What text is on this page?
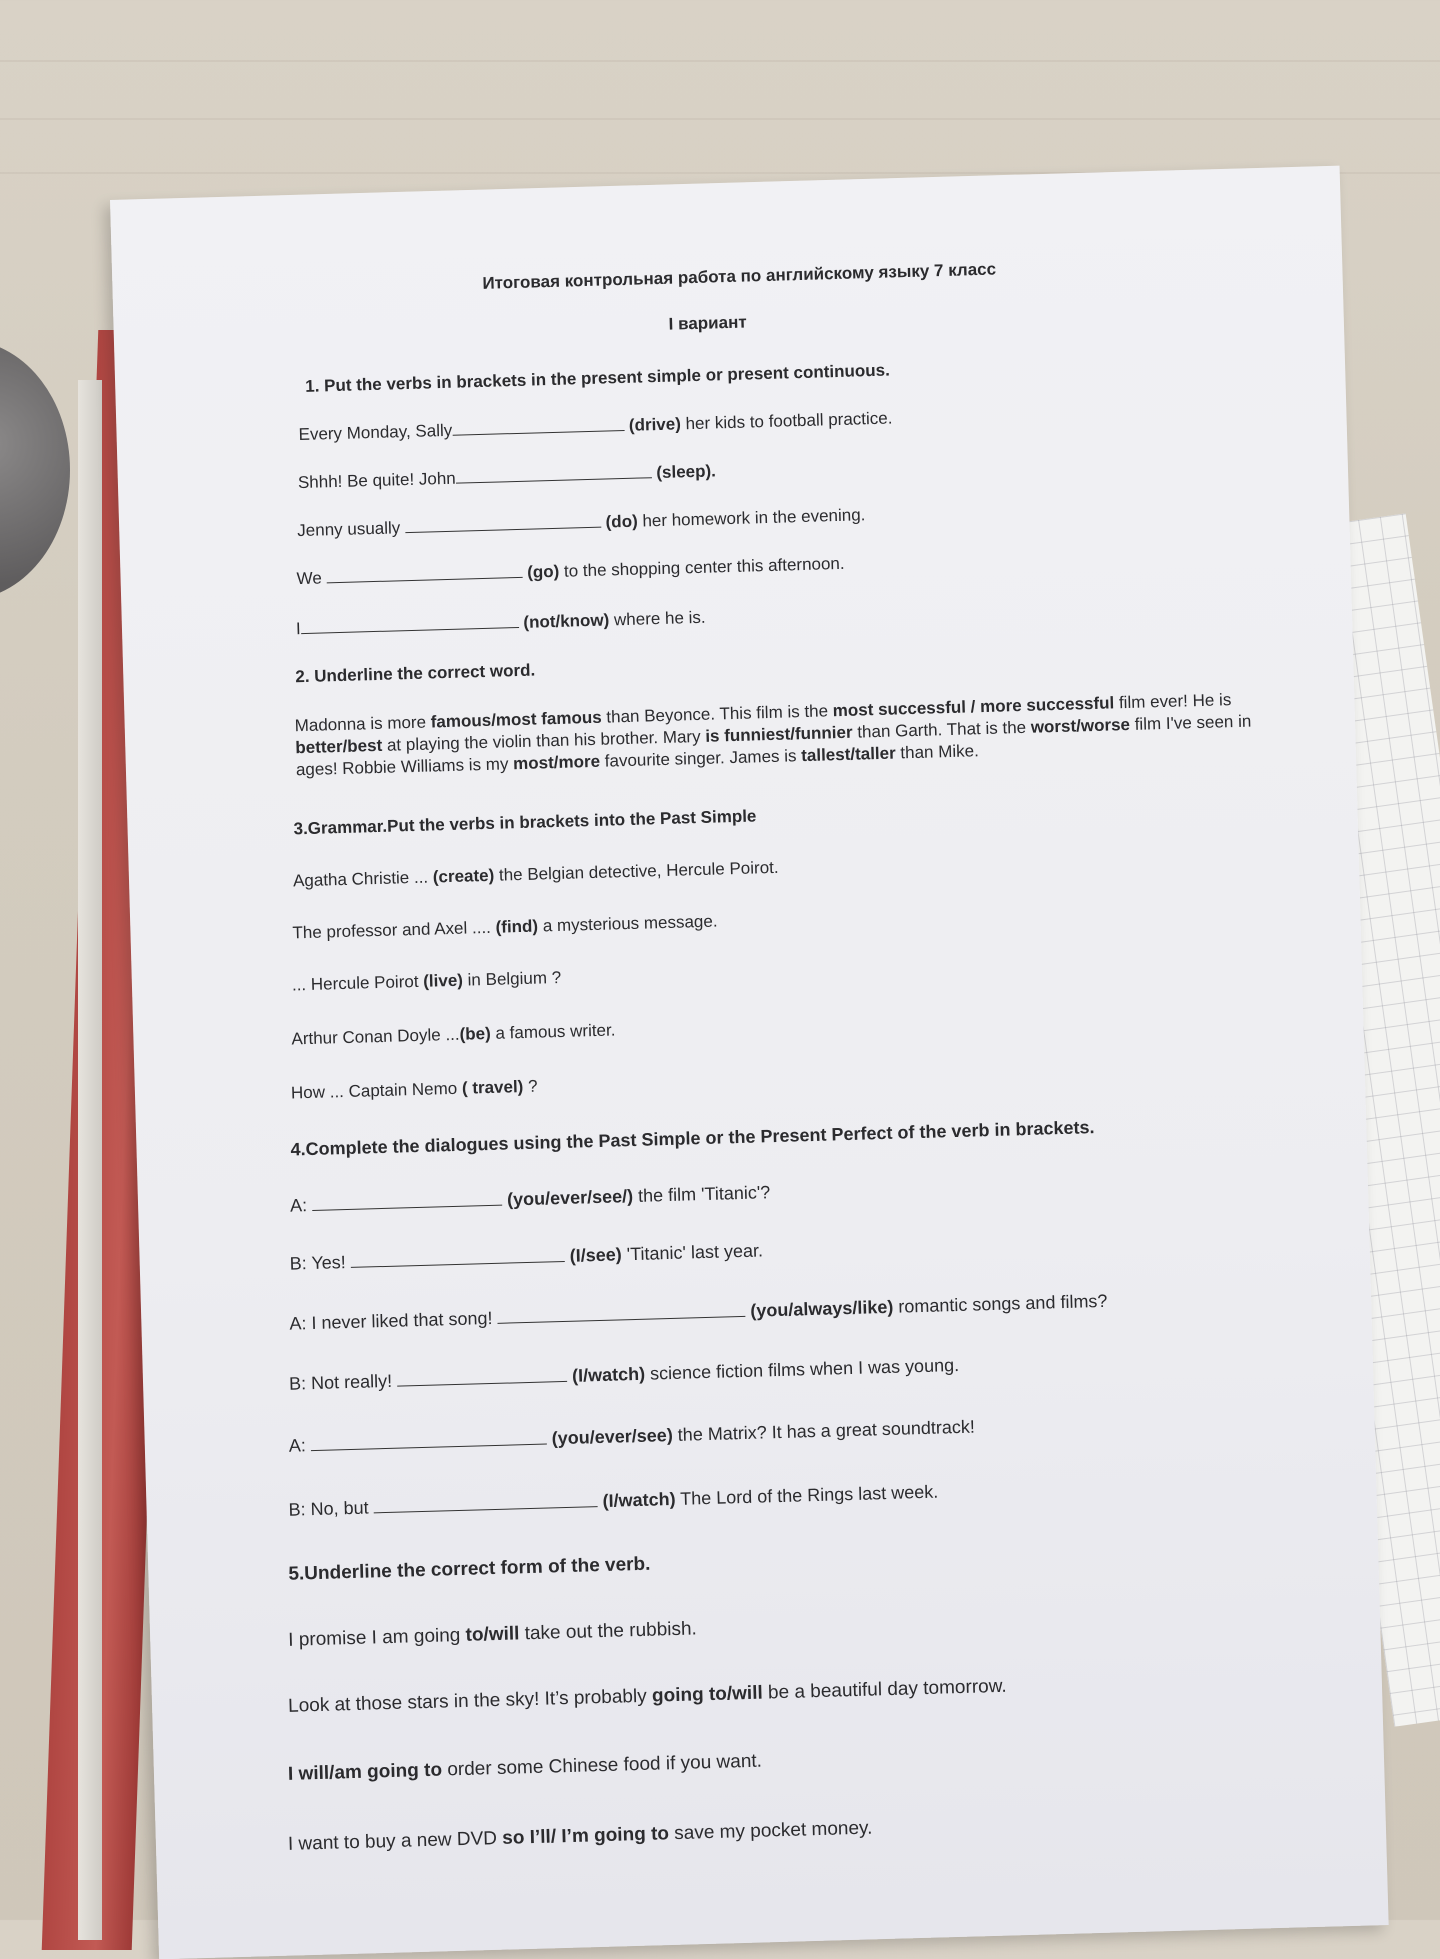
Итоговая контрольная работа по английскому языку 7 класс
I вариант
1. Put the verbs in brackets in the present simple or present continuous.
Every Monday, Sally	(drive) her kids to football practice.
Shhh! Be quite! John	(sleep).
Jenny usually	(do) her homework in the evening.
We	(go) to the shopping center this afternoon.
I	(not/know) where he is.
2. Underline the correct word.
Madonna is more famous/most famous than Beyonce. This film is the most successful / more successful film ever! He is better/best at playing the violin than his brother. Mary is funniest/funnier than Garth. That is the worst/worse film I've seen in ages! Robbie Williams is my most/more favourite singer. James is tallest/taller than Mike.
3.Grammar.Put the verbs in brackets into the Past Simple
Agatha Christie ... (create) the Belgian detective, Hercule Poirot.
The professor and Axel .... (find) a mysterious message.
... Hercule Poirot (live) in Belgium ?
Arthur Conan Doyle ...(be) a famous writer.
How ... Captain Nemo ( travel) ?
4.Complete the dialogues using the Past Simple or the Present Perfect of the verb in brackets.
A:	(you/ever/see/) the film 'Titanic'?
B: Yes!	(I/see) 'Titanic' last year.
A: I never liked that song!	(you/always/like) romantic songs and films?
B: Not really!	(I/watch) science fiction films when I was young.
A:	(you/ever/see) the Matrix? It has a great soundtrack!
B: No, but	(I/watch) The Lord of the Rings last week.
5.Underline the correct form of the verb.
I promise I am going to/will take out the rubbish.
Look at those stars in the sky! It’s probably going to/will be a beautiful day tomorrow.
I will/am going to order some Chinese food if you want.
I want to buy a new DVD so I’ll/ I’m going to save my pocket money.
